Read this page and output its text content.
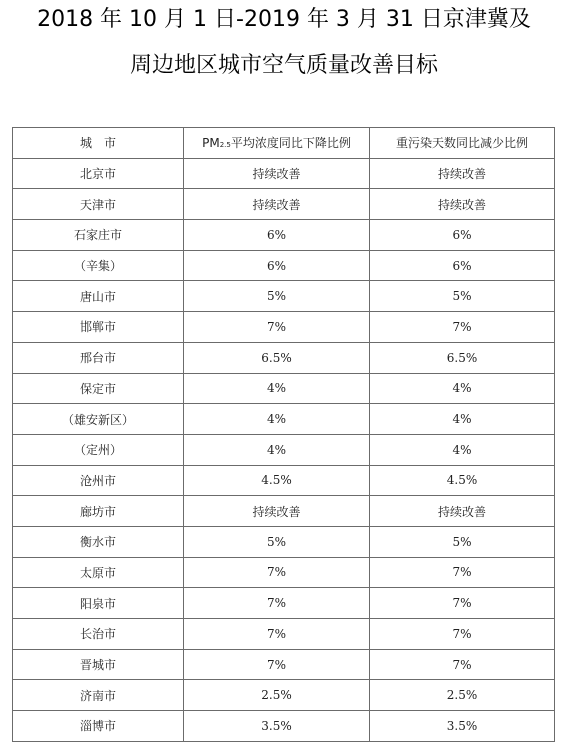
2018 年 10 月 1 日-2019 年 3 月 31 日京津冀及
周边地区城市空气质量改善目标
城　市	PM2.5平均浓度同比下降比例	重污染天数同比减少比例
北京市	持续改善	持续改善
天津市	持续改善	持续改善
石家庄市	6%	6%
（辛集）	6%	6%
唐山市	5%	5%
邯郸市	7%	7%
邢台市	6.5%	6.5%
保定市	4%	4%
（雄安新区）	4%	4%
（定州）	4%	4%
沧州市	4.5%	4.5%
廊坊市	持续改善	持续改善
衡水市	5%	5%
太原市	7%	7%
阳泉市	7%	7%
长治市	7%	7%
晋城市	7%	7%
济南市	2.5%	2.5%
淄博市	3.5%	3.5%
